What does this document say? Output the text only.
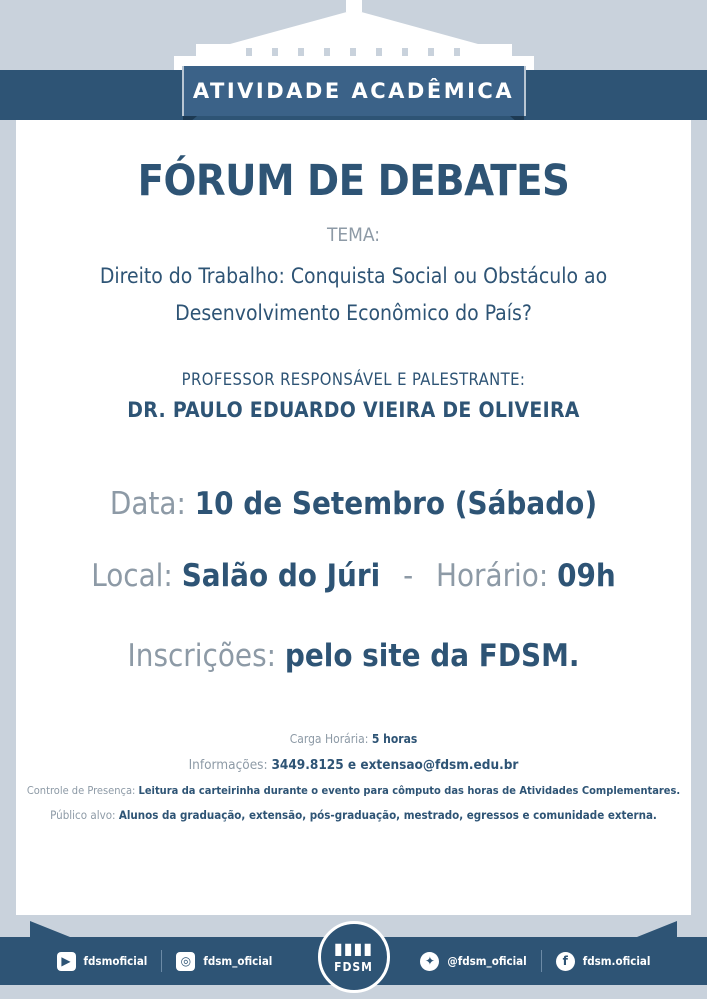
ATIVIDADE ACADÊMICA
FÓRUM DE DEBATES
TEMA:
Direito do Trabalho: Conquista Social ou Obstáculo ao
Desenvolvimento Econômico do País?
PROFESSOR RESPONSÁVEL E PALESTRANTE:
DR. PAULO EDUARDO VIEIRA DE OLIVEIRA
Data: 10 de Setembro (Sábado)
Local: Salão do Júri - Horário: 09h
Inscrições: pelo site da FDSM.
Carga Horária: 5 horas
Informações: 3449.8125 e extensao@fdsm.edu.br
Controle de Presença: Leitura da carteirinha durante o evento para cômputo das horas de Atividades Complementares.
Público alvo: Alunos da graduação, extensão, pós-graduação, mestrado, egressos e comunidade externa.
▶	fdsmoficial	◎	fdsm_oficial	✦	@fdsm_oficial	f	fdsm.oficial
▮▮▮▮
FDSM
